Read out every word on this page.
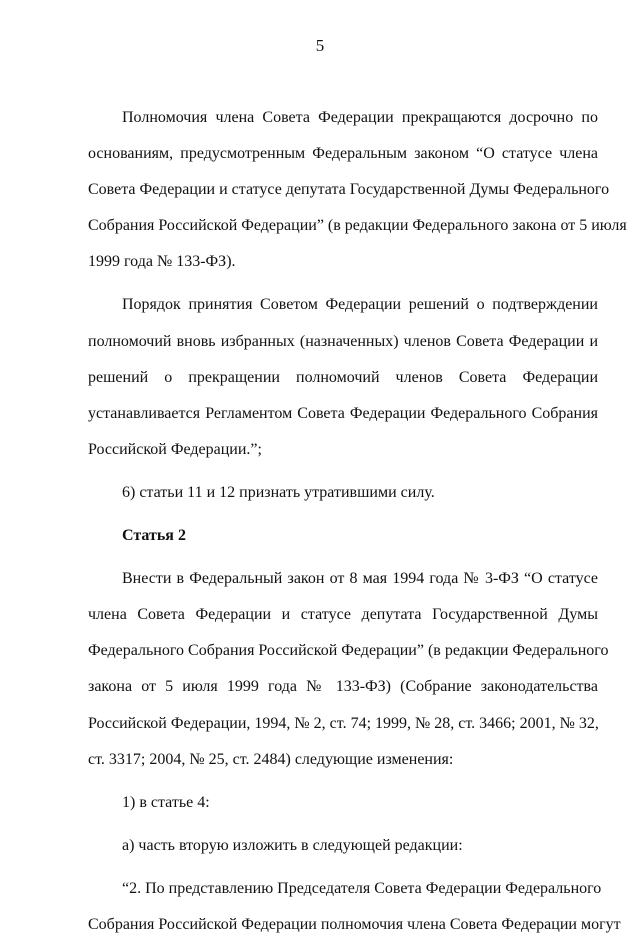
5
Полномочия члена Совета Федерации прекращаются досрочно по
основаниям, предусмотренным Федеральным законом “О статусе члена
Совета Федерации и статусе депутата Государственной Думы Федерального
Собрания Российской Федерации” (в редакции Федерального закона от 5 июля
1999 года № 133-ФЗ).
Порядок принятия Советом Федерации решений о подтверждении
полномочий вновь избранных (назначенных) членов Совета Федерации и
решений о прекращении полномочий членов Совета Федерации
устанавливается Регламентом Совета Федерации Федерального Собрания
Российской Федерации.”;
6) статьи 11 и 12 признать утратившими силу.
Статья 2
Внести в Федеральный закон от 8 мая 1994 года № 3-ФЗ “О статусе
члена Совета Федерации и статусе депутата Государственной Думы
Федерального Собрания Российской Федерации” (в редакции Федерального
закона от 5 июля 1999 года № 133-ФЗ) (Собрание законодательства
Российской Федерации, 1994, № 2, ст. 74; 1999, № 28, ст. 3466; 2001, № 32,
ст. 3317; 2004, № 25, ст. 2484) следующие изменения:
1) в статье 4:
а) часть вторую изложить в следующей редакции:
“2. По представлению Председателя Совета Федерации Федерального
Собрания Российской Федерации полномочия члена Совета Федерации могут
